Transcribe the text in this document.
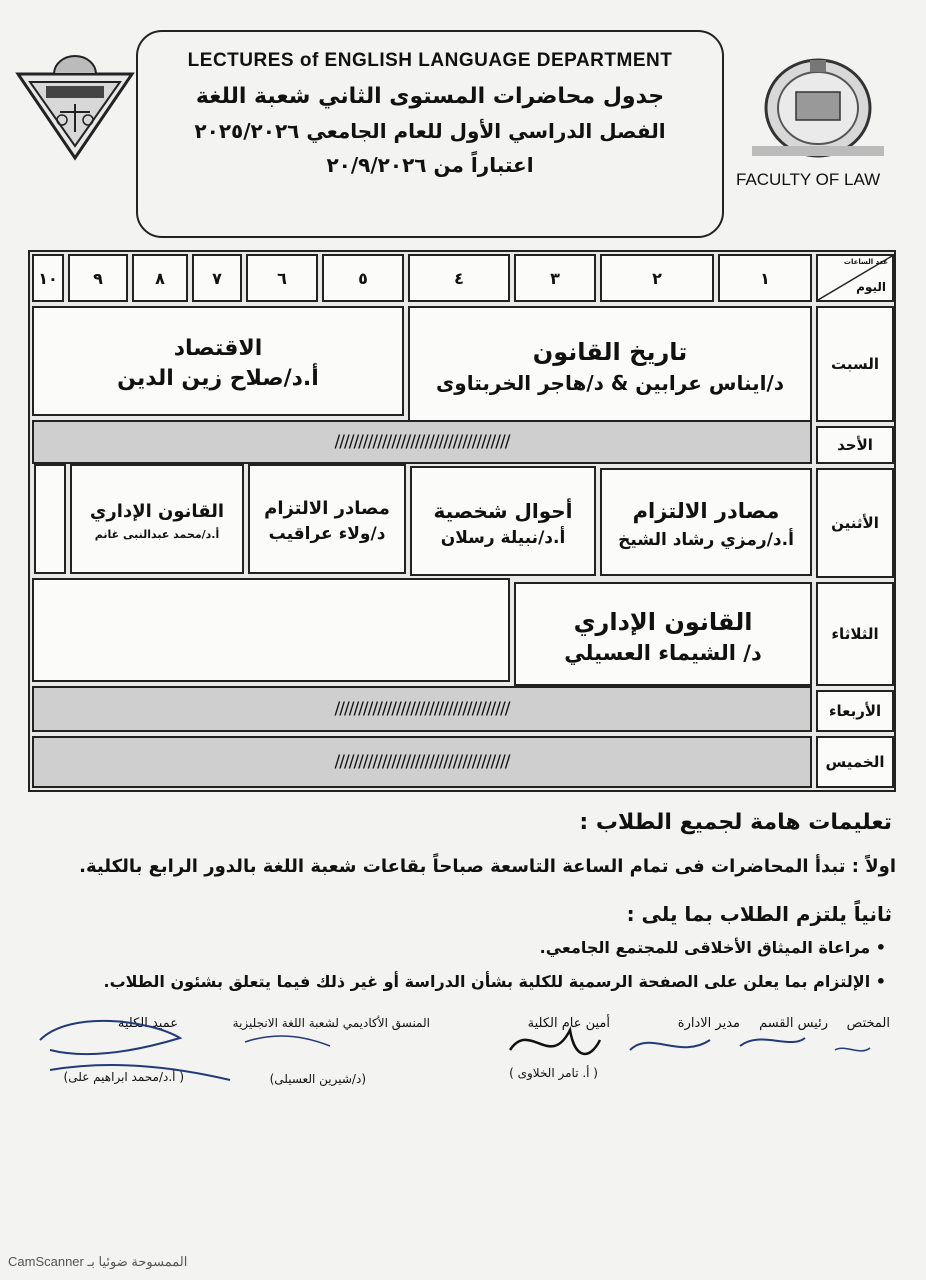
LECTURES of ENGLISH LANGUAGE DEPARTMENT
جدول محاضرات المستوى الثاني شعبة اللغة
الفصل الدراسي الأول للعام الجامعي ٢٠٢٥/٢٠٢٦
اعتباراً من ٢٠/٩/٢٠٢٦
FACULTY OF LAW
عدد الساعات
اليوم
١
٢
٣
٤
٥
٦
٧
٨
٩
١٠
السبت
الأحد
الأثنين
الثلاثاء
الأربعاء
الخميس
تاريخ القانون
د/ايناس عرابين & د/هاجر الخربتاوى
الاقتصاد
أ.د/صلاح زين الدين
/////////////////////////////////////
مصادر الالتزام
أ.د/رمزي رشاد الشيخ
أحوال شخصية
أ.د/نبيلة رسلان
مصادر الالتزام
د/ولاء عراقيب
القانون الإداري
أ.د/محمد عبدالنبى غانم
القانون الإداري
د/ الشيماء العسيلي
/////////////////////////////////////
/////////////////////////////////////
تعليمات هامة لجميع الطلاب :
اولاً : تبدأ المحاضرات فى تمام الساعة التاسعة صباحاً بقاعات شعبة اللغة بالدور الرابع بالكلية.
ثانياً يلتزم الطلاب بما يلى :
• مراعاة الميثاق الأخلاقى للمجتمع الجامعي.
• الإلتزام بما يعلن على الصفحة الرسمية للكلية بشأن الدراسة أو غير ذلك فيما يتعلق بشئون الطلاب.
المختص
رئيس القسم
مدير الادارة
أمين عام الكلية
( أ. تامر الخلاوى )
المنسق الأكاديمي لشعبة اللغة الانجليزية
(د/شيرين العسيلى)
عميد الكلية
( أ.د/محمد ابراهيم على)
CamScanner الممسوحة ضوئيا بـ
